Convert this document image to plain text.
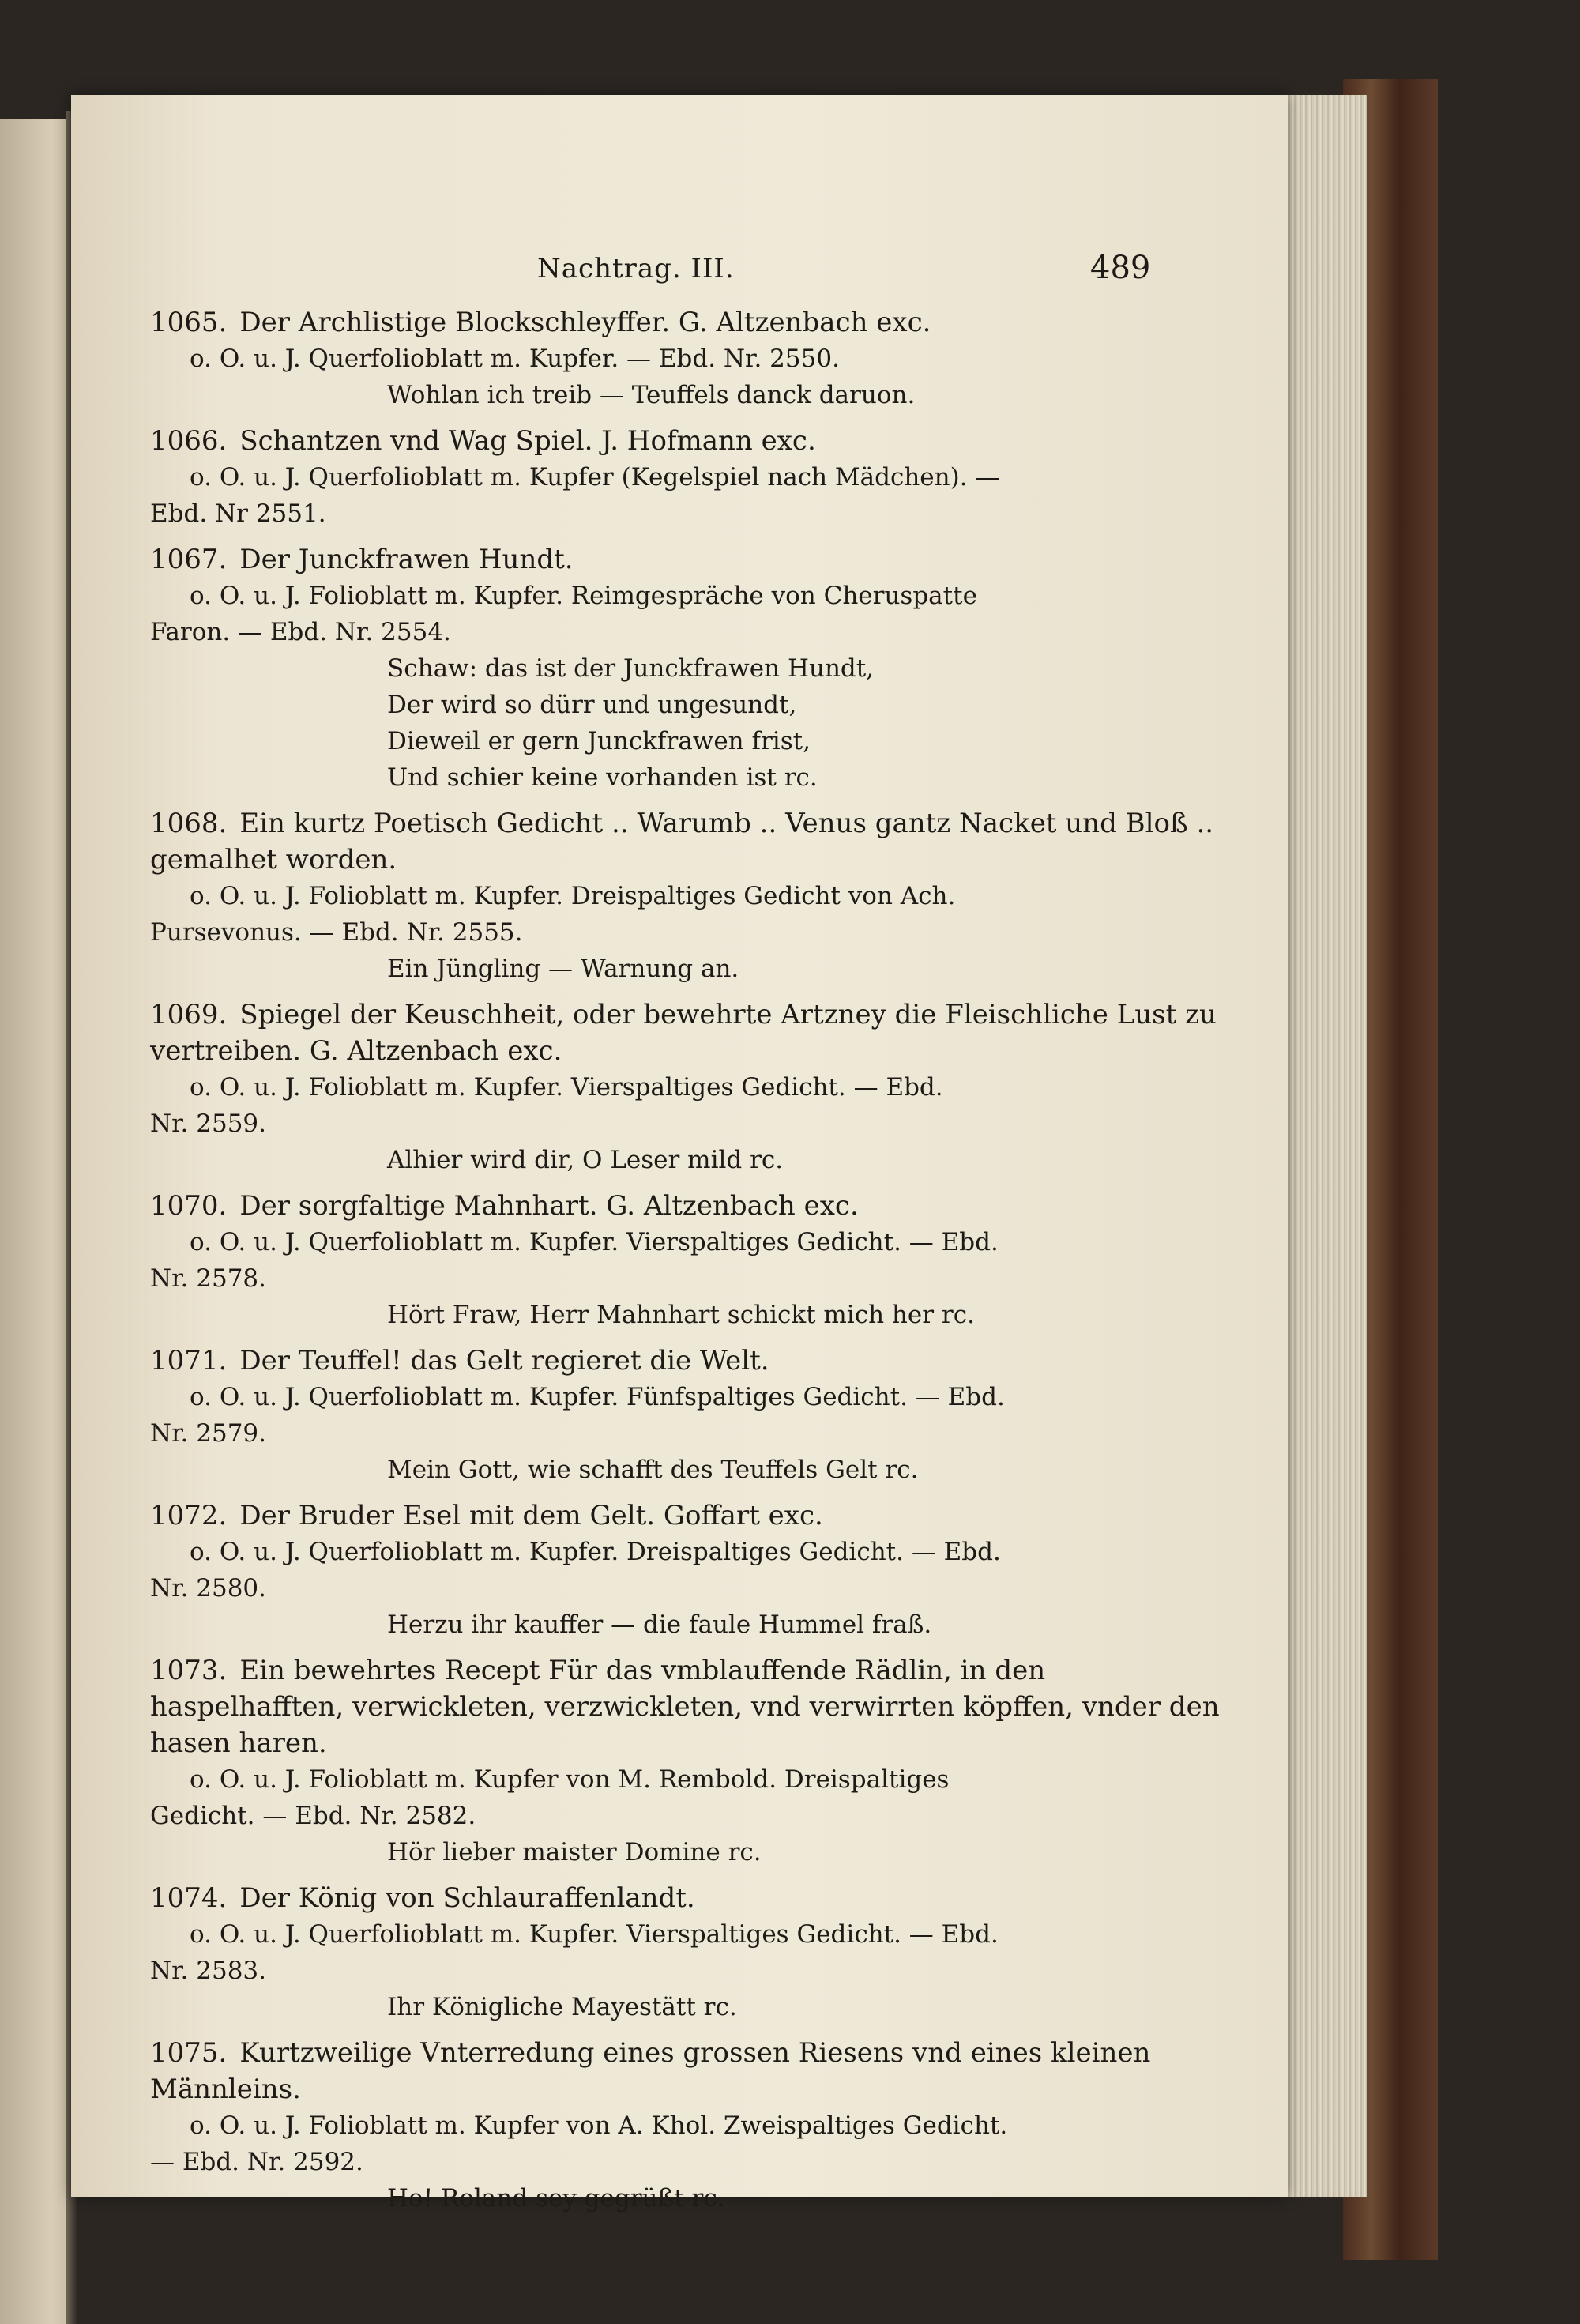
Nachtrag. III.	489
1065. Der Archlistige Blockschleyffer. G. Altzenbach exc.
o. O. u. J. Querfolioblatt m. Kupfer. — Ebd. Nr. 2550.
Wohlan ich treib — Teuffels danck daruon.
1066. Schantzen vnd Wag Spiel. J. Hofmann exc.
o. O. u. J. Querfolioblatt m. Kupfer (Kegelspiel nach Mädchen). —

Ebd. Nr 2551.
1067. Der Junckfrawen Hundt.
o. O. u. J. Folioblatt m. Kupfer. Reimgespräche von Cheruspatte

Faron. — Ebd. Nr. 2554.
Schaw: das ist der Junckfrawen Hundt,
Der wird so dürr und ungesundt,
Dieweil er gern Junckfrawen frist,
Und schier keine vorhanden ist rc.
1068. Ein kurtz Poetisch Gedicht .. Warumb .. Venus gantz Nacket und Bloß .. gemalhet worden.
o. O. u. J. Folioblatt m. Kupfer. Dreispaltiges Gedicht von Ach.

Pursevonus. — Ebd. Nr. 2555.
Ein Jüngling — Warnung an.
1069. Spiegel der Keuschheit, oder bewehrte Artzney die Fleischliche Lust zu vertreiben. G. Altzenbach exc.
o. O. u. J. Folioblatt m. Kupfer. Vierspaltiges Gedicht. — Ebd.

Nr. 2559.
Alhier wird dir, O Leser mild rc.
1070. Der sorgfaltige Mahnhart. G. Altzenbach exc.
o. O. u. J. Querfolioblatt m. Kupfer. Vierspaltiges Gedicht. — Ebd.

Nr. 2578.
Hört Fraw, Herr Mahnhart schickt mich her rc.
1071. Der Teuffel! das Gelt regieret die Welt.
o. O. u. J. Querfolioblatt m. Kupfer. Fünfspaltiges Gedicht. — Ebd.

Nr. 2579.
Mein Gott, wie schafft des Teuffels Gelt rc.
1072. Der Bruder Esel mit dem Gelt. Goffart exc.
o. O. u. J. Querfolioblatt m. Kupfer. Dreispaltiges Gedicht. — Ebd.

Nr. 2580.
Herzu ihr kauffer — die faule Hummel fraß.
1073. Ein bewehrtes Recept Für das vmblauffende Rädlin, in den haspelhafften, verwickleten, verzwickleten, vnd verwirrten köpffen, vnder den hasen haren.
o. O. u. J. Folioblatt m. Kupfer von M. Rembold. Dreispaltiges

Gedicht. — Ebd. Nr. 2582.
Hör lieber maister Domine rc.
1074. Der König von Schlauraffenlandt.
o. O. u. J. Querfolioblatt m. Kupfer. Vierspaltiges Gedicht. — Ebd.

Nr. 2583.
Ihr Königliche Mayestätt rc.
1075. Kurtzweilige Vnterredung eines grossen Riesens vnd eines kleinen Männleins.
o. O. u. J. Folioblatt m. Kupfer von A. Khol. Zweispaltiges Gedicht.

— Ebd. Nr. 2592.
Ho! Roland sey gegrüßt rc.
